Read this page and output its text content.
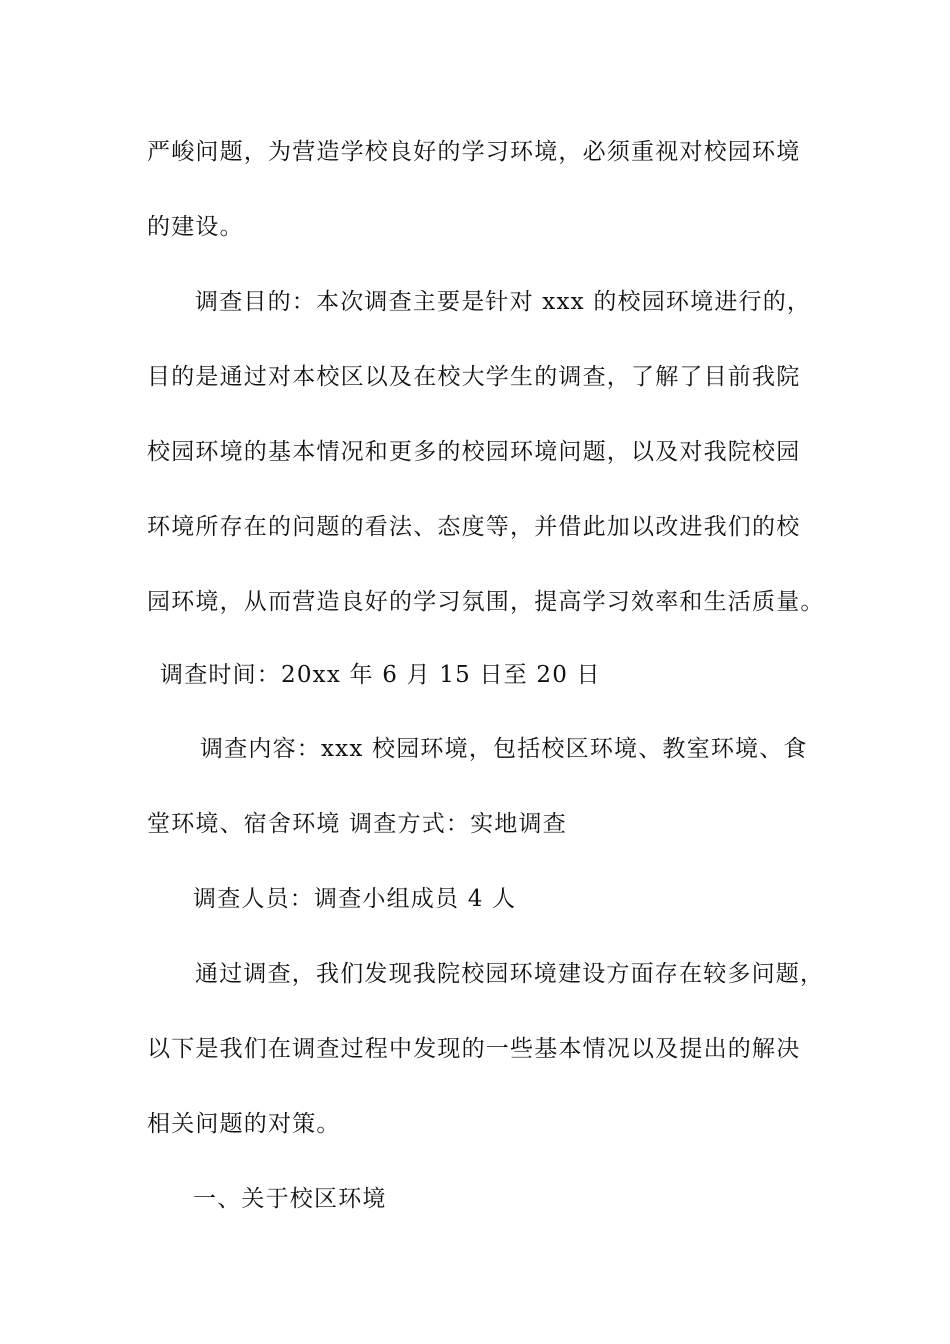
严峻问题，为营造学校良好的学习环境，必须重视对校园环境
的建设。
调查目的：本次调查主要是针对 xxx 的校园环境进行的，
目的是通过对本校区以及在校大学生的调查，了解了目前我院
校园环境的基本情况和更多的校园环境问题，以及对我院校园
环境所存在的问题的看法、态度等，并借此加以改进我们的校
园环境，从而营造良好的学习氛围，提高学习效率和生活质量。
调查时间：20xx 年 6 月 15 日至 20 日
调查内容：xxx 校园环境，包括校区环境、教室环境、食
堂环境、宿舍环境 调查方式：实地调查
调查人员：调查小组成员 4 人
通过调查，我们发现我院校园环境建设方面存在较多问题，
以下是我们在调查过程中发现的一些基本情况以及提出的解决
相关问题的对策。
一、关于校区环境
